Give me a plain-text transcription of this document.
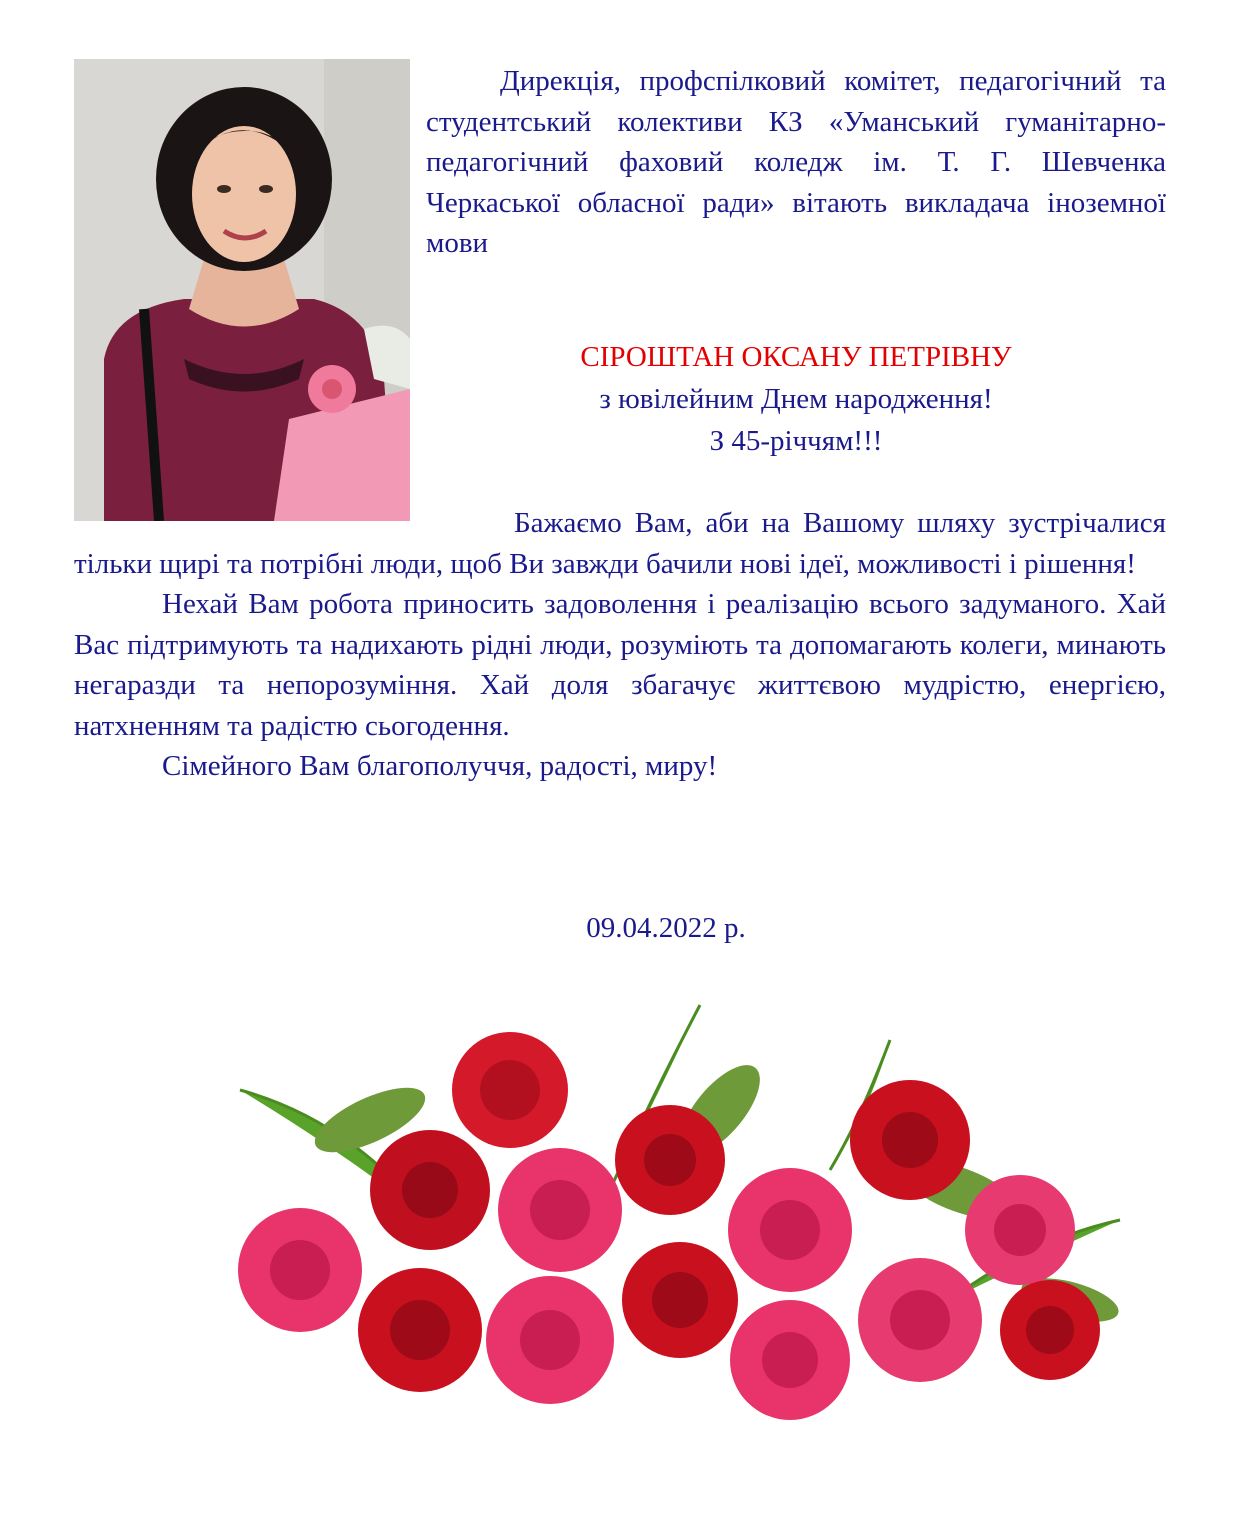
Дирекція, профспілковий комітет, педагогічний та студентський колективи КЗ «Уманський гуманітарно-педагогічний фаховий коледж ім. Т. Г. Шевченка Черкаської обласної ради» вітають викладача іноземної мови
СІРОШТАН ОКСАНУ ПЕТРІВНУ
з ювілейним Днем народження!
З 45-річчям!!!

Бажаємо Вам, аби на Вашому шляху зустрічалися тільки щирі та потрібні люди, щоб Ви завжди бачили нові ідеї, можливості і рішення!

Нехай Вам робота приносить задоволення і реалізацію всього задуманого. Хай Вас підтримують та надихають рідні люди, розуміють та допомагають колеги, минають негаразди та непорозуміння. Хай доля збагачує життєвою мудрістю, енергією, натхненням та радістю сьогодення.

Сімейного Вам благополуччя, радості, миру!

09.04.2022 р.
